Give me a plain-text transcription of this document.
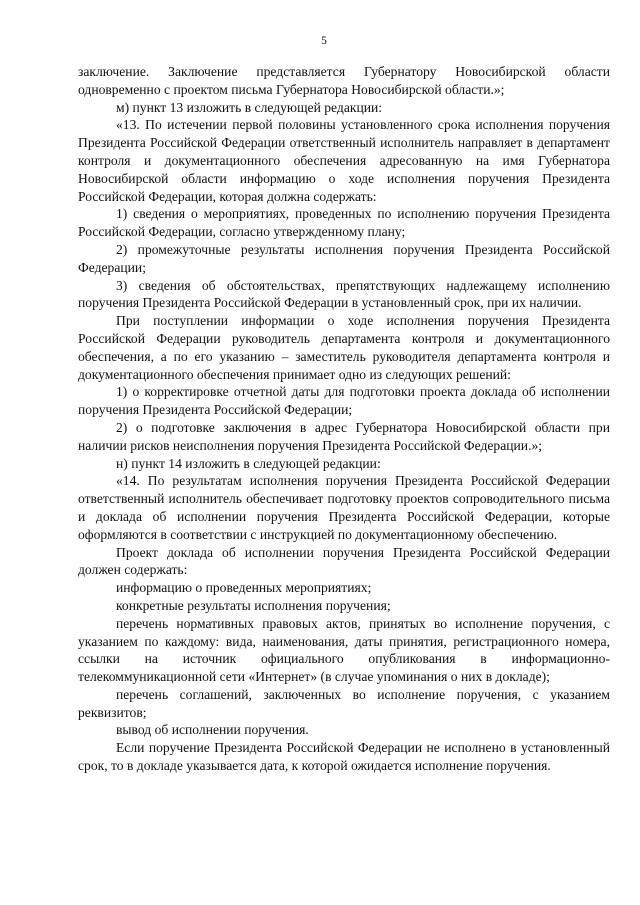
5

заключение. Заключение представляется Губернатору Новосибирской области одновременно с проектом письма Губернатора Новосибирской области.»;

м) пункт 13 изложить в следующей редакции:

«13. По истечении первой половины установленного срока исполнения поручения Президента Российской Федерации ответственный исполнитель направляет в департамент контроля и документационного обеспечения адресованную на имя Губернатора Новосибирской области информацию о ходе исполнения поручения Президента Российской Федерации, которая должна содержать:

1) сведения о мероприятиях, проведенных по исполнению поручения Президента Российской Федерации, согласно утвержденному плану;

2) промежуточные результаты исполнения поручения Президента Российской Федерации;

3) сведения об обстоятельствах, препятствующих надлежащему исполнению поручения Президента Российской Федерации в установленный срок, при их наличии.

При поступлении информации о ходе исполнения поручения Президента Российской Федерации руководитель департамента контроля и документационного обеспечения, а по его указанию – заместитель руководителя департамента контроля и документационного обеспечения принимает одно из следующих решений:

1) о корректировке отчетной даты для подготовки проекта доклада об исполнении поручения Президента Российской Федерации;

2) о подготовке заключения в адрес Губернатора Новосибирской области при наличии рисков неисполнения поручения Президента Российской Федерации.»;

н) пункт 14 изложить в следующей редакции:

«14. По результатам исполнения поручения Президента Российской Федерации ответственный исполнитель обеспечивает подготовку проектов сопроводительного письма и доклада об исполнении поручения Президента Российской Федерации, которые оформляются в соответствии с инструкцией по документационному обеспечению.

Проект доклада об исполнении поручения Президента Российской Федерации должен содержать:

информацию о проведенных мероприятиях;

конкретные результаты исполнения поручения;

перечень нормативных правовых актов, принятых во исполнение поручения, с указанием по каждому: вида, наименования, даты принятия, регистрационного номера, ссылки на источник официального опубликования в информационно-телекоммуникационной сети «Интернет» (в случае упоминания о них в докладе);

перечень соглашений, заключенных во исполнение поручения, с указанием реквизитов;

вывод об исполнении поручения.

Если поручение Президента Российской Федерации не исполнено в установленный срок, то в докладе указывается дата, к которой ожидается исполнение поручения.
